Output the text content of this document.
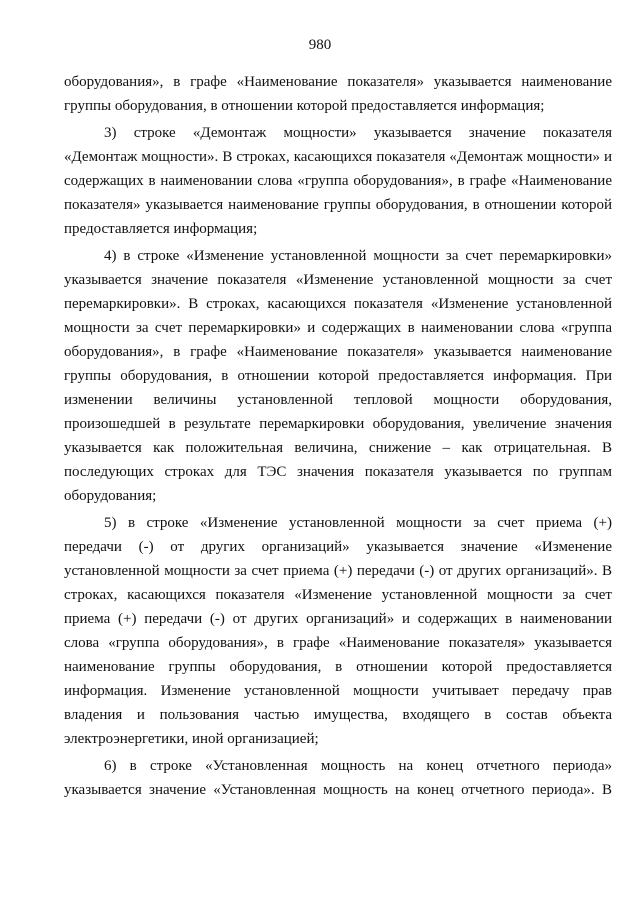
980
оборудования», в графе «Наименование показателя» указывается наименование
группы оборудования, в отношении которой предоставляется информация;
3) строке «Демонтаж мощности» указывается значение показателя
«Демонтаж мощности». В строках, касающихся показателя «Демонтаж мощности» и
содержащих в наименовании слова «группа оборудования», в графе «Наименование
показателя» указывается наименование группы оборудования, в отношении которой
предоставляется информация;
4) в строке «Изменение установленной мощности за счет перемаркировки»
указывается значение показателя «Изменение установленной мощности за счет
перемаркировки». В строках, касающихся показателя «Изменение установленной
мощности за счет перемаркировки» и содержащих в наименовании слова «группа
оборудования», в графе «Наименование показателя» указывается наименование
группы оборудования, в отношении которой предоставляется информация. При
изменении величины установленной тепловой мощности оборудования,
произошедшей в результате перемаркировки оборудования, увеличение значения
указывается как положительная величина, снижение – как отрицательная. В
последующих строках для ТЭС значения показателя указывается по группам
оборудования;
5) в строке «Изменение установленной мощности за счет приема (+)
передачи (-) от других организаций» указывается значение «Изменение
установленной мощности за счет приема (+) передачи (-) от других организаций». В
строках, касающихся показателя «Изменение установленной мощности за счет
приема (+) передачи (-) от других организаций» и содержащих в наименовании
слова «группа оборудования», в графе «Наименование показателя» указывается
наименование группы оборудования, в отношении которой предоставляется
информация. Изменение установленной мощности учитывает передачу прав
владения и пользования частью имущества, входящего в состав объекта
электроэнергетики, иной организацией;
6) в строке «Установленная мощность на конец отчетного периода»
указывается значение «Установленная мощность на конец отчетного периода». В
